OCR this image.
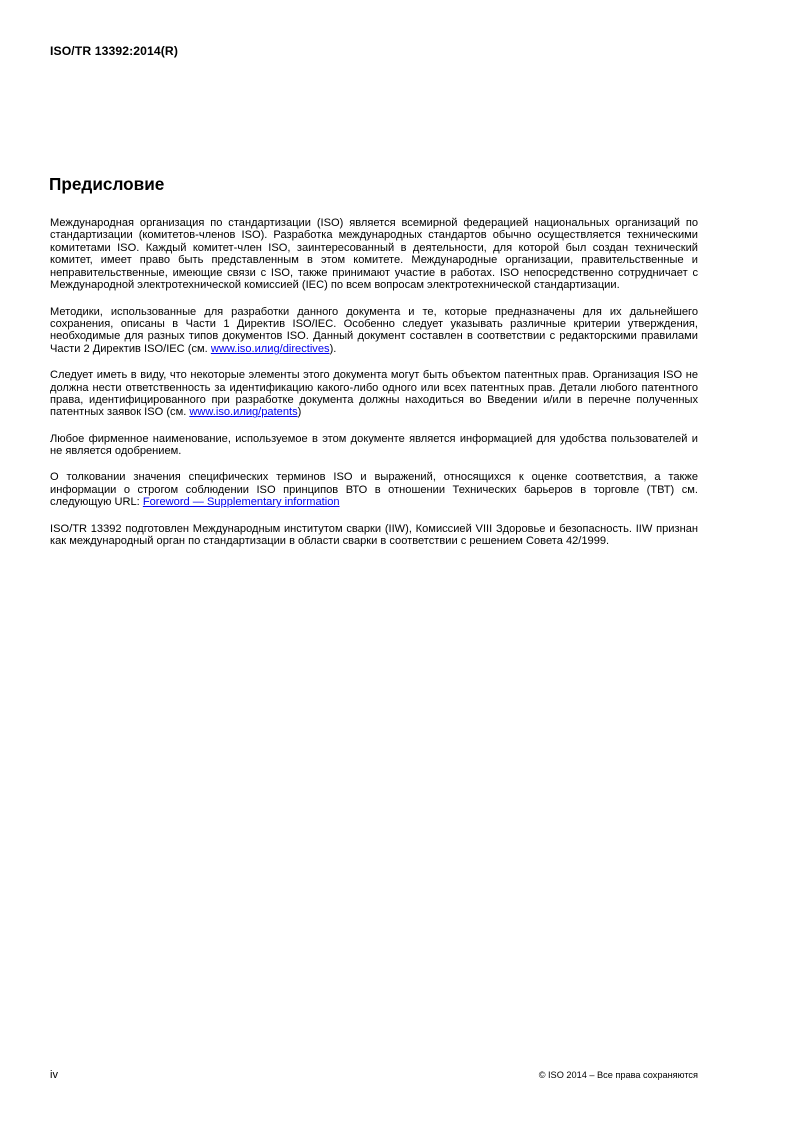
ISO/TR 13392:2014(R)
Предисловие

Международная организация по стандартизации (ISO) является всемирной федерацией национальных организаций по стандартизации (комитетов-членов ISO). Разработка международных стандартов обычно осуществляется техническими комитетами ISO. Каждый комитет-член ISO, заинтересованный в деятельности, для которой был создан технический комитет, имеет право быть представленным в этом комитете. Международные организации, правительственные и неправительственные, имеющие связи с ISO, также принимают участие в работах. ISO непосредственно сотрудничает с Международной электротехнической комиссией (IEC) по всем вопросам электротехнической стандартизации.

Методики, использованные для разработки данного документа и те, которые предназначены для их дальнейшего сохранения, описаны в Части 1 Директив ISO/IEC. Особенно следует указывать различные критерии утверждения, необходимые для разных типов документов ISO. Данный документ составлен в соответствии с редакторскими правилами Части 2 Директив ISO/IEC (см. www.iso.илиg/directives).

Следует иметь в виду, что некоторые элементы этого документа могут быть объектом патентных прав. Организация ISO не должна нести ответственность за идентификацию какого-либо одного или всех патентных прав. Детали любого патентного права, идентифицированного при разработке документа должны находиться во Введении и/или в перечне полученных патентных заявок ISO (см. www.iso.илиg/patents)

Любое фирменное наименование, используемое в этом документе является информацией для удобства пользователей и не является одобрением.

О толковании значения специфических терминов ISO и выражений, относящихся к оценке соответствия, а также информации о строгом соблюдении ISO принципов ВТО в отношении Технических барьеров в торговле (ТВТ) см. следующую URL: Foreword — Supplementary information

ISO/TR 13392 подготовлен Международным институтом сварки (IIW), Комиссией VIII Здоровье и безопасность. IIW признан как международный орган по стандартизации в области сварки в соответствии с решением Совета 42/1999.

iv	© ISO 2014 – Все права сохраняются
